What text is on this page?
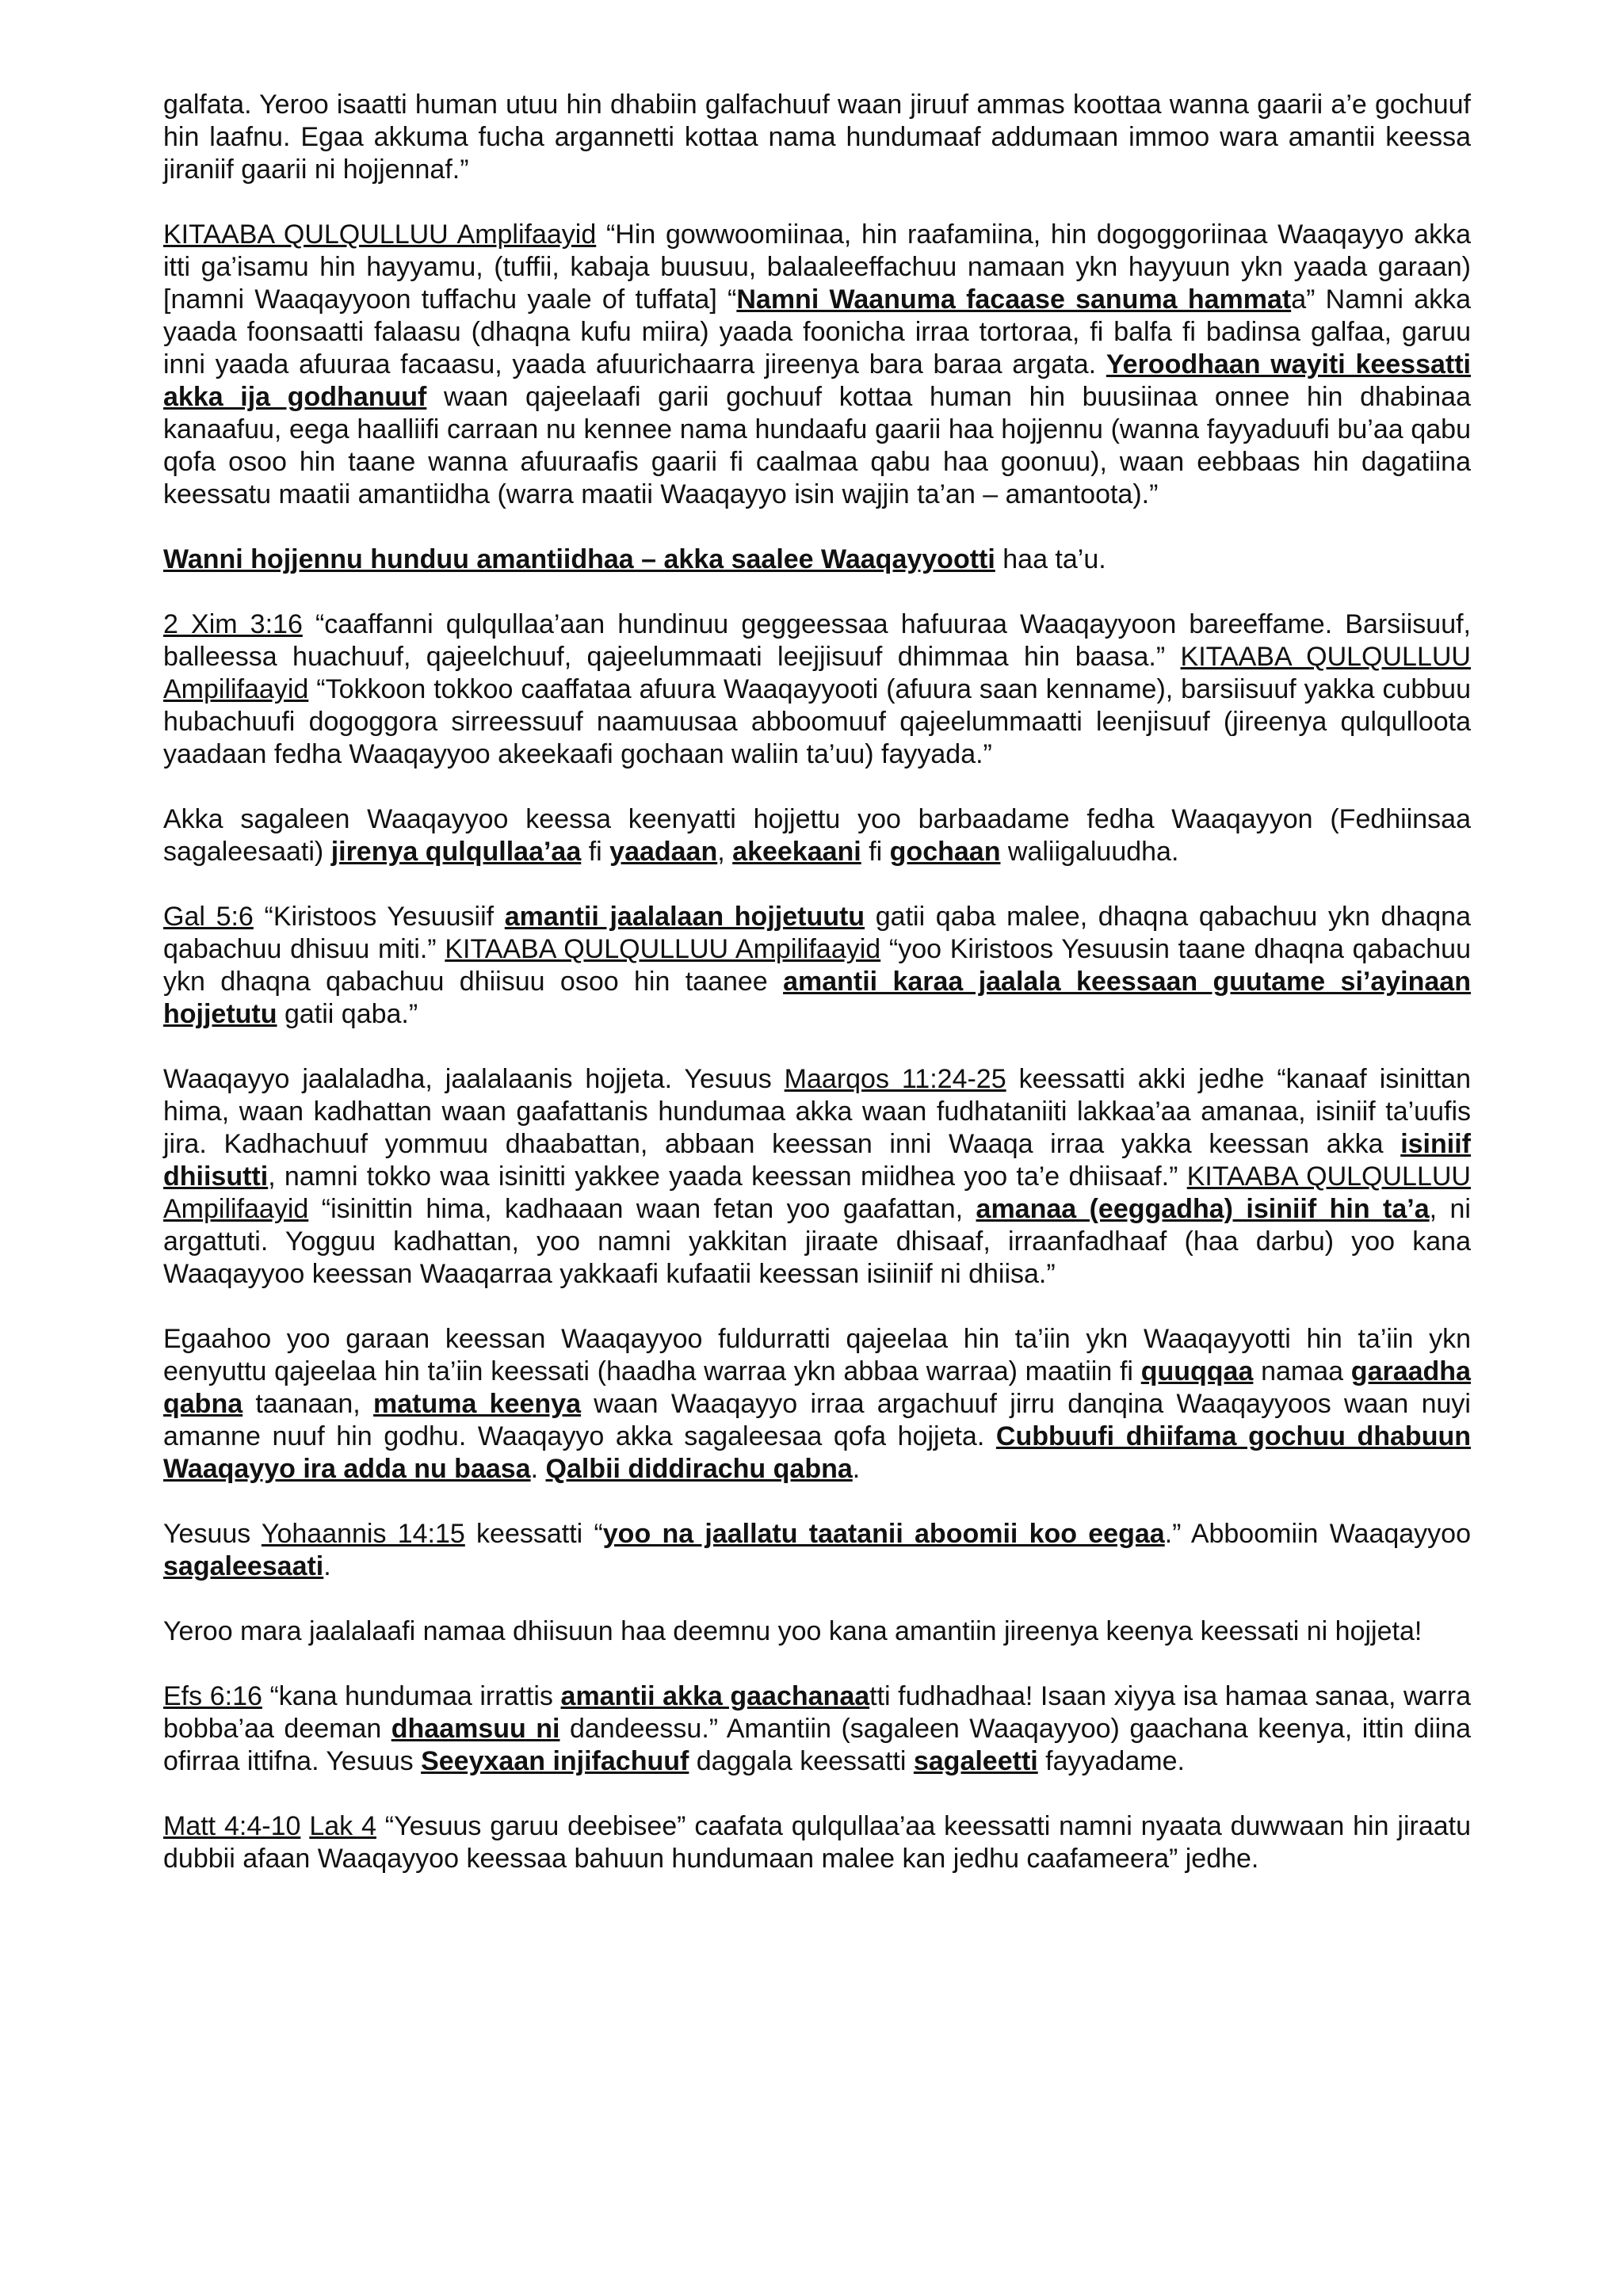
galfata. Yeroo isaatti human utuu hin dhabiin galfachuuf waan jiruuf ammas koottaa wanna gaarii a’e gochuuf hin laafnu. Egaa akkuma fucha argannetti kottaa nama hundumaaf addumaan immoo wara amantii keessa jiraniif gaarii ni hojjennaf.”

KITAABA QULQULLUU Amplifaayid “Hin gowwoomiinaa, hin raafamiina, hin dogoggoriinaa Waaqayyo akka itti ga’isamu hin hayyamu, (tuffii, kabaja buusuu, balaaleeffachuu namaan ykn hayyuun ykn yaada garaan) [namni Waaqayyoon tuffachu yaale of tuffata] “Namni Waanuma facaase sanuma hammata” Namni akka yaada foonsaatti falaasu (dhaqna kufu miira) yaada foonicha irraa tortoraa, fi balfa fi badinsa galfaa, garuu inni yaada afuuraa facaasu, yaada afuurichaarra jireenya bara baraa argata. Yeroodhaan wayiti keessatti akka ija godhanuuf waan qajeelaafi garii gochuuf kottaa human hin buusiinaa onnee hin dhabinaa kanaafuu, eega haalliifi carraan nu kennee nama hundaafu gaarii haa hojjennu (wanna fayyaduufi bu’aa qabu qofa osoo hin taane wanna afuuraafis gaarii fi caalmaa qabu haa goonuu), waan eebbaas hin dagatiina keessatu maatii amantiidha (warra maatii Waaqayyo isin wajjin ta’an – amantoota).”

Wanni hojjennu hunduu amantiidhaa – akka saalee Waaqayyootti haa ta’u.

2 Xim 3:16 “caaffanni qulqullaa’aan hundinuu geggeessaa hafuuraa Waaqayyoon bareeffame. Barsiisuuf, balleessa huachuuf, qajeelchuuf, qajeelummaati leejjisuuf dhimmaa hin baasa.” KITAABA QULQULLUU Ampilifaayid “Tokkoon tokkoo caaffataa afuura Waaqayyooti (afuura saan kenname), barsiisuuf yakka cubbuu hubachuufi dogoggora sirreessuuf naamuusaa abboomuuf qajeelummaatti leenjisuuf (jireenya qulqulloota yaadaan fedha Waaqayyoo akeekaafi gochaan waliin ta’uu) fayyada.”

Akka sagaleen Waaqayyoo keessa keenyatti hojjettu yoo barbaadame fedha Waaqayyon (Fedhiinsaa sagaleesaati) jirenya qulqullaa’aa fi yaadaan, akeekaani fi gochaan waliigaluudha.

Gal 5:6 “Kiristoos Yesuusiif amantii jaalalaan hojjetuutu gatii qaba malee, dhaqna qabachuu ykn dhaqna qabachuu dhisuu miti.” KITAABA QULQULLUU Ampilifaayid “yoo Kiristoos Yesuusin taane dhaqna qabachuu ykn dhaqna qabachuu dhiisuu osoo hin taanee amantii karaa jaalala keessaan guutame si’ayinaan hojjetutu gatii qaba.”

Waaqayyo jaalaladha, jaalalaanis hojjeta. Yesuus Maarqos 11:24-25 keessatti akki jedhe “kanaaf isinittan hima, waan kadhattan waan gaafattanis hundumaa akka waan fudhataniiti lakkaa’aa amanaa, isiniif ta’uufis jira. Kadhachuuf yommuu dhaabattan, abbaan keessan inni Waaqa irraa yakka keessan akka isiniif dhiisutti, namni tokko waa isinitti yakkee yaada keessan miidhea yoo ta’e dhiisaaf.” KITAABA QULQULLUU Ampilifaayid “isinittin hima, kadhaaan waan fetan yoo gaafattan, amanaa (eeggadha) isiniif hin ta’a, ni argattuti. Yogguu kadhattan, yoo namni yakkitan jiraate dhisaaf, irraanfadhaaf (haa darbu) yoo kana Waaqayyoo keessan Waaqarraa yakkaafi kufaatii keessan isiiniif ni dhiisa.”

Egaahoo yoo garaan keessan Waaqayyoo fuldurratti qajeelaa hin ta’iin ykn Waaqayyotti hin ta’iin ykn eenyuttu qajeelaa hin ta’iin keessati (haadha warraa ykn abbaa warraa) maatiin fi quuqqaa namaa garaadha qabna taanaan, matuma keenya waan Waaqayyo irraa argachuuf jirru danqina Waaqayyoos waan nuyi amanne nuuf hin godhu. Waaqayyo akka sagaleesaa qofa hojjeta. Cubbuufi dhiifama gochuu dhabuun Waaqayyo ira adda nu baasa. Qalbii diddirachu qabna.

Yesuus Yohaannis 14:15 keessatti “yoo na jaallatu taatanii aboomii koo eegaa.” Abboomiin Waaqayyoo sagaleesaati.

Yeroo mara jaalalaafi namaa dhiisuun haa deemnu yoo kana amantiin jireenya keenya keessati ni hojjeta!

Efs 6:16 “kana hundumaa irrattis amantii akka gaachanaatti fudhadhaa! Isaan xiyya isa hamaa sanaa, warra bobba’aa deeman dhaamsuu ni dandeessu.” Amantiin (sagaleen Waaqayyoo) gaachana keenya, ittin diina ofirraa ittifna. Yesuus Seeyxaan injifachuuf daggala keessatti sagaleetti fayyadame.

Matt 4:4-10 Lak 4 “Yesuus garuu deebisee” caafata qulqullaa’aa keessatti namni nyaata duwwaan hin jiraatu dubbii afaan Waaqayyoo keessaa bahuun hundumaan malee kan jedhu caafameera” jedhe.
